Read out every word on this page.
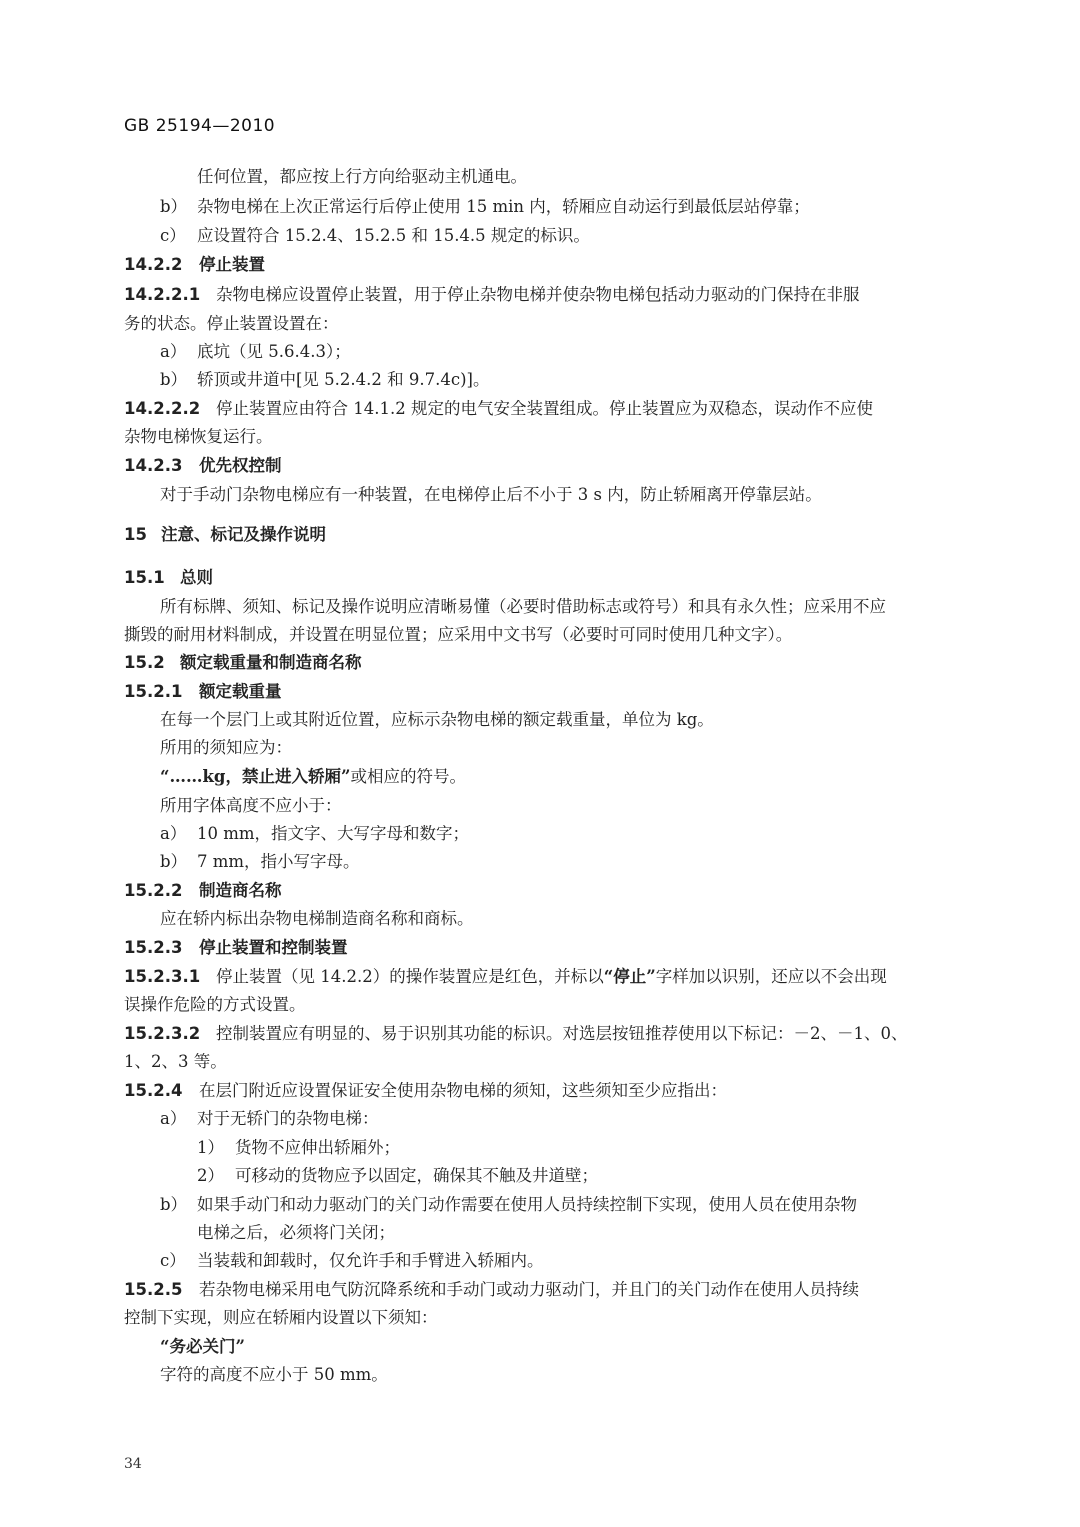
GB 25194—2010
任何位置，都应按上行方向给驱动主机通电。
b） 杂物电梯在上次正常运行后停止使用 15 min 内，轿厢应自动运行到最低层站停靠；
c） 应设置符合 15.2.4、15.2.5 和 15.4.5 规定的标识。
14.2.2 停止装置
14.2.2.1 杂物电梯应设置停止装置，用于停止杂物电梯并使杂物电梯包括动力驱动的门保持在非服
务的状态。停止装置设置在：
a） 底坑（见 5.6.4.3）；
b） 轿顶或井道中[见 5.2.4.2 和 9.7.4c)]。
14.2.2.2 停止装置应由符合 14.1.2 规定的电气安全装置组成。停止装置应为双稳态，误动作不应使
杂物电梯恢复运行。
14.2.3 优先权控制
对于手动门杂物电梯应有一种装置，在电梯停止后不小于 3 s 内，防止轿厢离开停靠层站。
15 注意、标记及操作说明
15.1 总则
所有标牌、须知、标记及操作说明应清晰易懂（必要时借助标志或符号）和具有永久性；应采用不应
撕毁的耐用材料制成，并设置在明显位置；应采用中文书写（必要时可同时使用几种文字）。
15.2 额定载重量和制造商名称
15.2.1 额定载重量
在每一个层门上或其附近位置，应标示杂物电梯的额定载重量，单位为 kg。
所用的须知应为：
“……kg，禁止进入轿厢”或相应的符号。
所用字体高度不应小于：
a） 10 mm，指文字、大写字母和数字；
b） 7 mm，指小写字母。
15.2.2 制造商名称
应在轿内标出杂物电梯制造商名称和商标。
15.2.3 停止装置和控制装置
15.2.3.1 停止装置（见 14.2.2）的操作装置应是红色，并标以“停止”字样加以识别，还应以不会出现
误操作危险的方式设置。
15.2.3.2 控制装置应有明显的、易于识别其功能的标识。对选层按钮推荐使用以下标记：－2、－1、0、
1、2、3 等。
15.2.4 在层门附近应设置保证安全使用杂物电梯的须知，这些须知至少应指出：
a） 对于无轿门的杂物电梯：
1） 货物不应伸出轿厢外；
2） 可移动的货物应予以固定，确保其不触及井道壁；
b） 如果手动门和动力驱动门的关门动作需要在使用人员持续控制下实现，使用人员在使用杂物
电梯之后，必须将门关闭；
c） 当装载和卸载时，仅允许手和手臂进入轿厢内。
15.2.5 若杂物电梯采用电气防沉降系统和手动门或动力驱动门，并且门的关门动作在使用人员持续
控制下实现，则应在轿厢内设置以下须知：
“务必关门”
字符的高度不应小于 50 mm。
34
